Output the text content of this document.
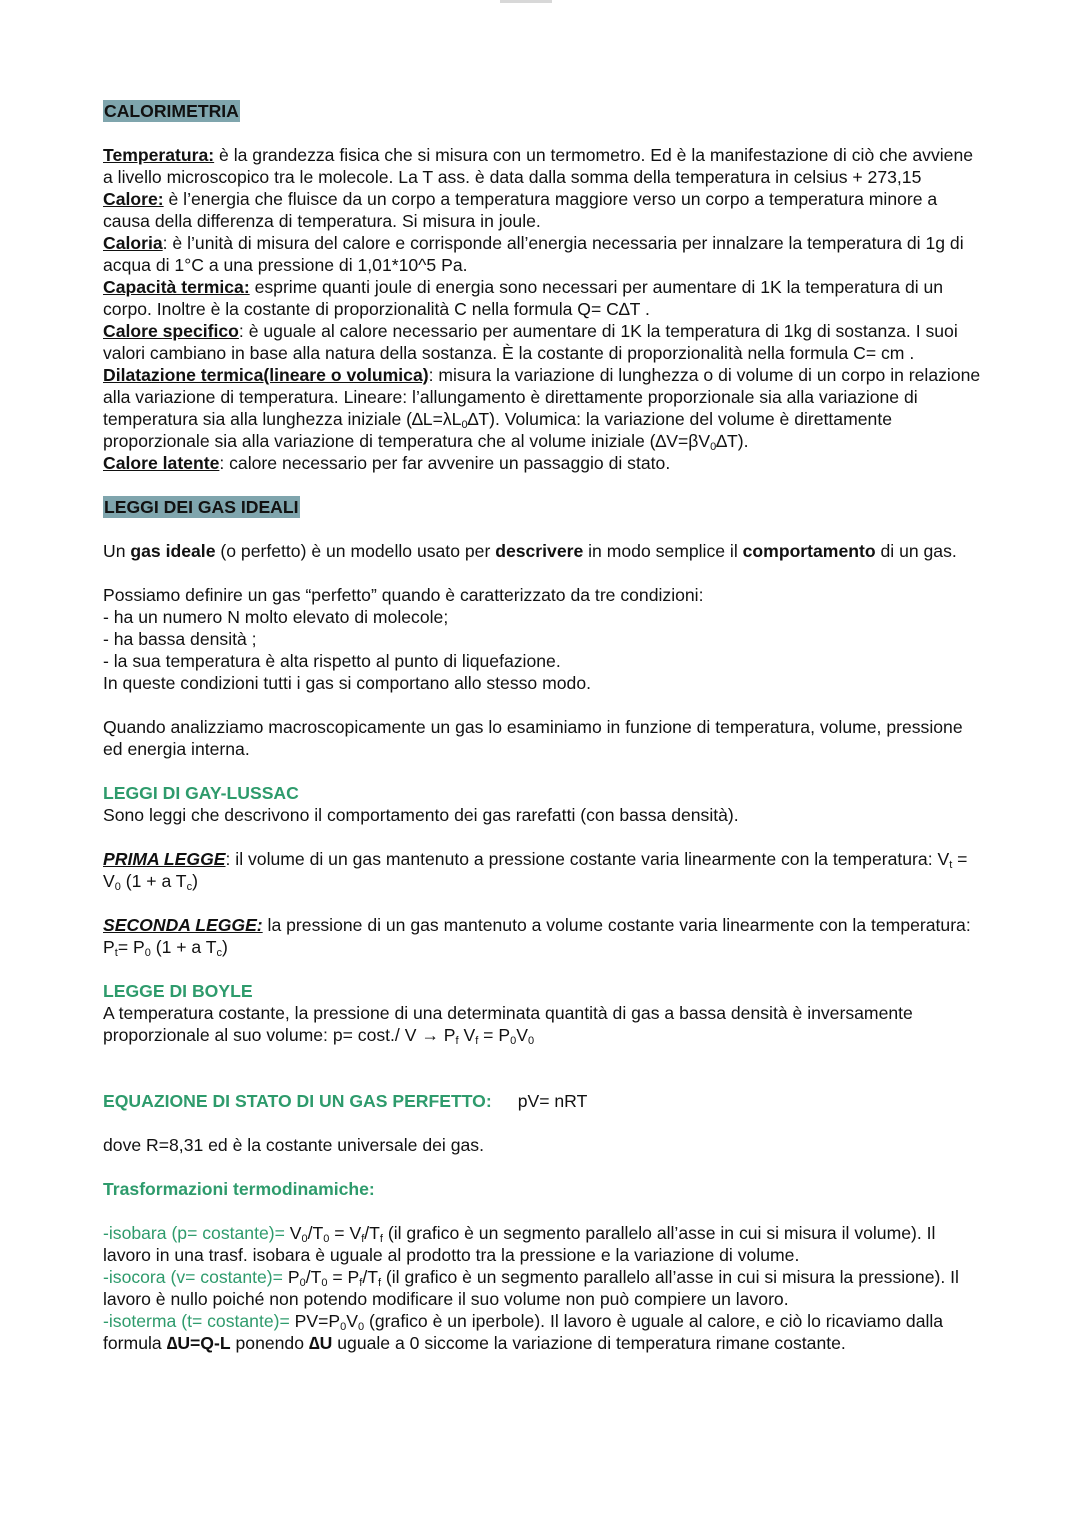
CALORIMETRIA

Temperatura: è la grandezza fisica che si misura con un termometro. Ed è la manifestazione di ciò che avviene a livello microscopico tra le molecole. La T ass. è data dalla somma della temperatura in celsius + 273,15

Calore: è l’energia che fluisce da un corpo a temperatura maggiore verso un corpo a temperatura minore a causa della differenza di temperatura. Si misura in joule.

Caloria: è l’unità di misura del calore e corrisponde all’energia necessaria per innalzare la temperatura di 1g di acqua di 1°C a una pressione di 1,01*10^5 Pa.

Capacità termica: esprime quanti joule di energia sono necessari per aumentare di 1K la temperatura di un corpo. Inoltre è la costante di proporzionalità C nella formula Q= C∆T .

Calore specifico: è uguale al calore necessario per aumentare di 1K la temperatura di 1kg di sostanza. I suoi valori cambiano in base alla natura della sostanza. È la costante di proporzionalità nella formula C= cm .

Dilatazione termica(lineare o volumica): misura la variazione di lunghezza o di volume di un corpo in relazione alla variazione di temperatura. Lineare: l’allungamento è direttamente proporzionale sia alla variazione di temperatura sia alla lunghezza iniziale $(\Delta L=\lambda L_0\Delta T)$. Volumica: la variazione del volume è direttamente proporzionale sia alla variazione di temperatura che al volume iniziale $(\Delta V=\beta V_0\Delta T)$.

Calore latente: calore necessario per far avvenire un passaggio di stato.

LEGGI DEI GAS IDEALI

Un gas ideale (o perfetto) è un modello usato per descrivere in modo semplice il comportamento di un gas.

Possiamo definire un gas “perfetto” quando è caratterizzato da tre condizioni:

- ha un numero N molto elevato di molecole;

- ha bassa densità ;

- la sua temperatura è alta rispetto al punto di liquefazione.

In queste condizioni tutti i gas si comportano allo stesso modo.

Quando analizziamo macroscopicamente un gas lo esaminiamo in funzione di temperatura, volume, pressione ed energia interna.

LEGGI DI GAY-LUSSAC

Sono leggi che descrivono il comportamento dei gas rarefatti (con bassa densità).

PRIMA LEGGE: il volume di un gas mantenuto a pressione costante varia linearmente con la temperatura: $V_t = V_0$ (1 + a $T_c$)

SECONDA LEGGE: la pressione di un gas mantenuto a volume costante varia linearmente con la temperatura: $P_t= P_0$ (1 + a $T_c$)

LEGGE DI BOYLE

A temperatura costante, la pressione di una determinata quantità di gas a bassa densità è inversamente proporzionale al suo volume: p= cost./ $V \to P_f$ $V_f = P_0V_0$

EQUAZIONE DI STATO DI UN GAS PERFETTO: pV= nRT

dove R=8,31 ed è la costante universale dei gas.

Trasformazioni termodinamiche:

-isobara (p= costante)= $V_0/T_0 = V_f/T_f$ (il grafico è un segmento parallelo all’asse in cui si misura il volume). Il lavoro in una trasf. isobara è uguale al prodotto tra la pressione e la variazione di volume.

-isocora (v= costante)= $P_0/T_0 = P_f/T_f$ (il grafico è un segmento parallelo all’asse in cui si misura la pressione). Il lavoro è nullo poiché non potendo modificare il suo volume non può compiere un lavoro.

-isoterma (t= costante)= $PV=P_0V_0$ (grafico è un iperbole). Il lavoro è uguale al calore, e ciò lo ricaviamo dalla formula ∆U=Q-L ponendo ∆U uguale a 0 siccome la variazione di temperatura rimane costante.
